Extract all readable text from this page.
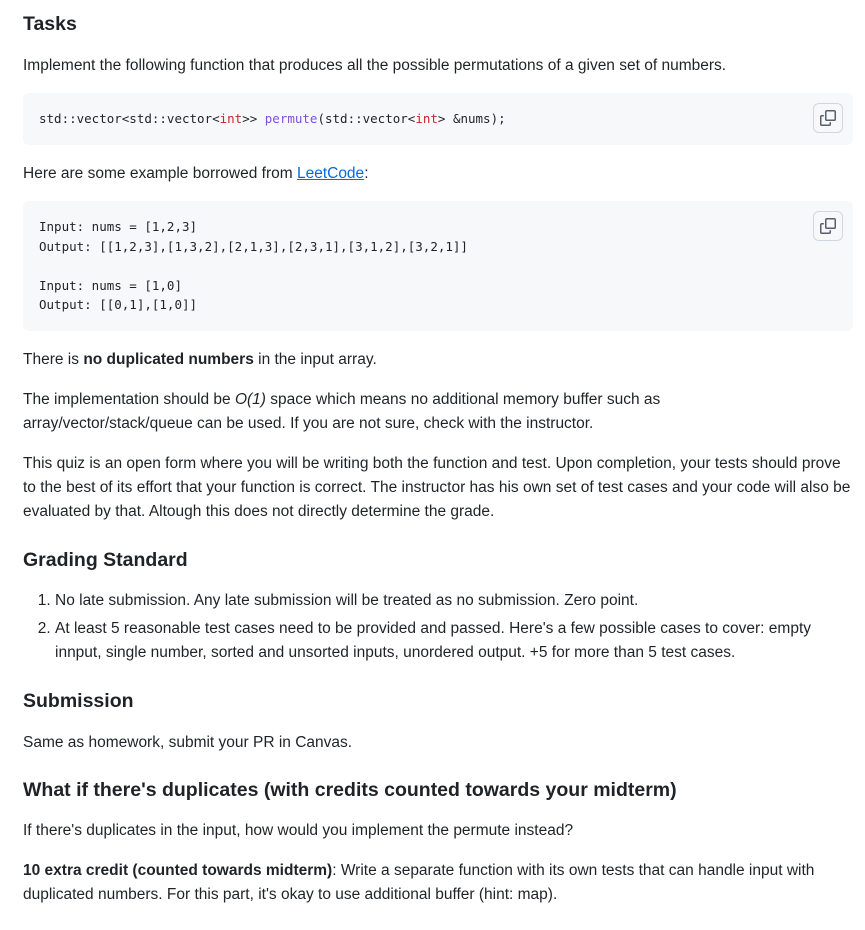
Tasks

Implement the following function that produces all the possible permutations of a given set of numbers.

std::vector<std::vector<int>> permute(std::vector<int> &nums);

Here are some example borrowed from LeetCode:

Input: nums = [1,2,3]
Output: [[1,2,3],[1,3,2],[2,1,3],[2,3,1],[3,1,2],[3,2,1]]
Input: nums = [1,0]
Output: [[0,1],[1,0]]

There is no duplicated numbers in the input array.

The implementation should be O(1) space which means no additional memory buffer such as array/vector/stack/queue can be used. If you are not sure, check with the instructor.

This quiz is an open form where you will be writing both the function and test. Upon completion, your tests should prove to the best of its effort that your function is correct. The instructor has his own set of test cases and your code will also be evaluated by that. Altough this does not directly determine the grade.

Grading Standard
1. No late submission. Any late submission will be treated as no submission. Zero point.
2. At least 5 reasonable test cases need to be provided and passed. Here's a few possible cases to cover: empty innput, single number, sorted and unsorted inputs, unordered output. +5 for more than 5 test cases.
Submission

Same as homework, submit your PR in Canvas.

What if there's duplicates (with credits counted towards your midterm)

If there's duplicates in the input, how would you implement the permute instead?

10 extra credit (counted towards midterm): Write a separate function with its own tests that can handle input with duplicated numbers. For this part, it's okay to use additional buffer (hint: map).
